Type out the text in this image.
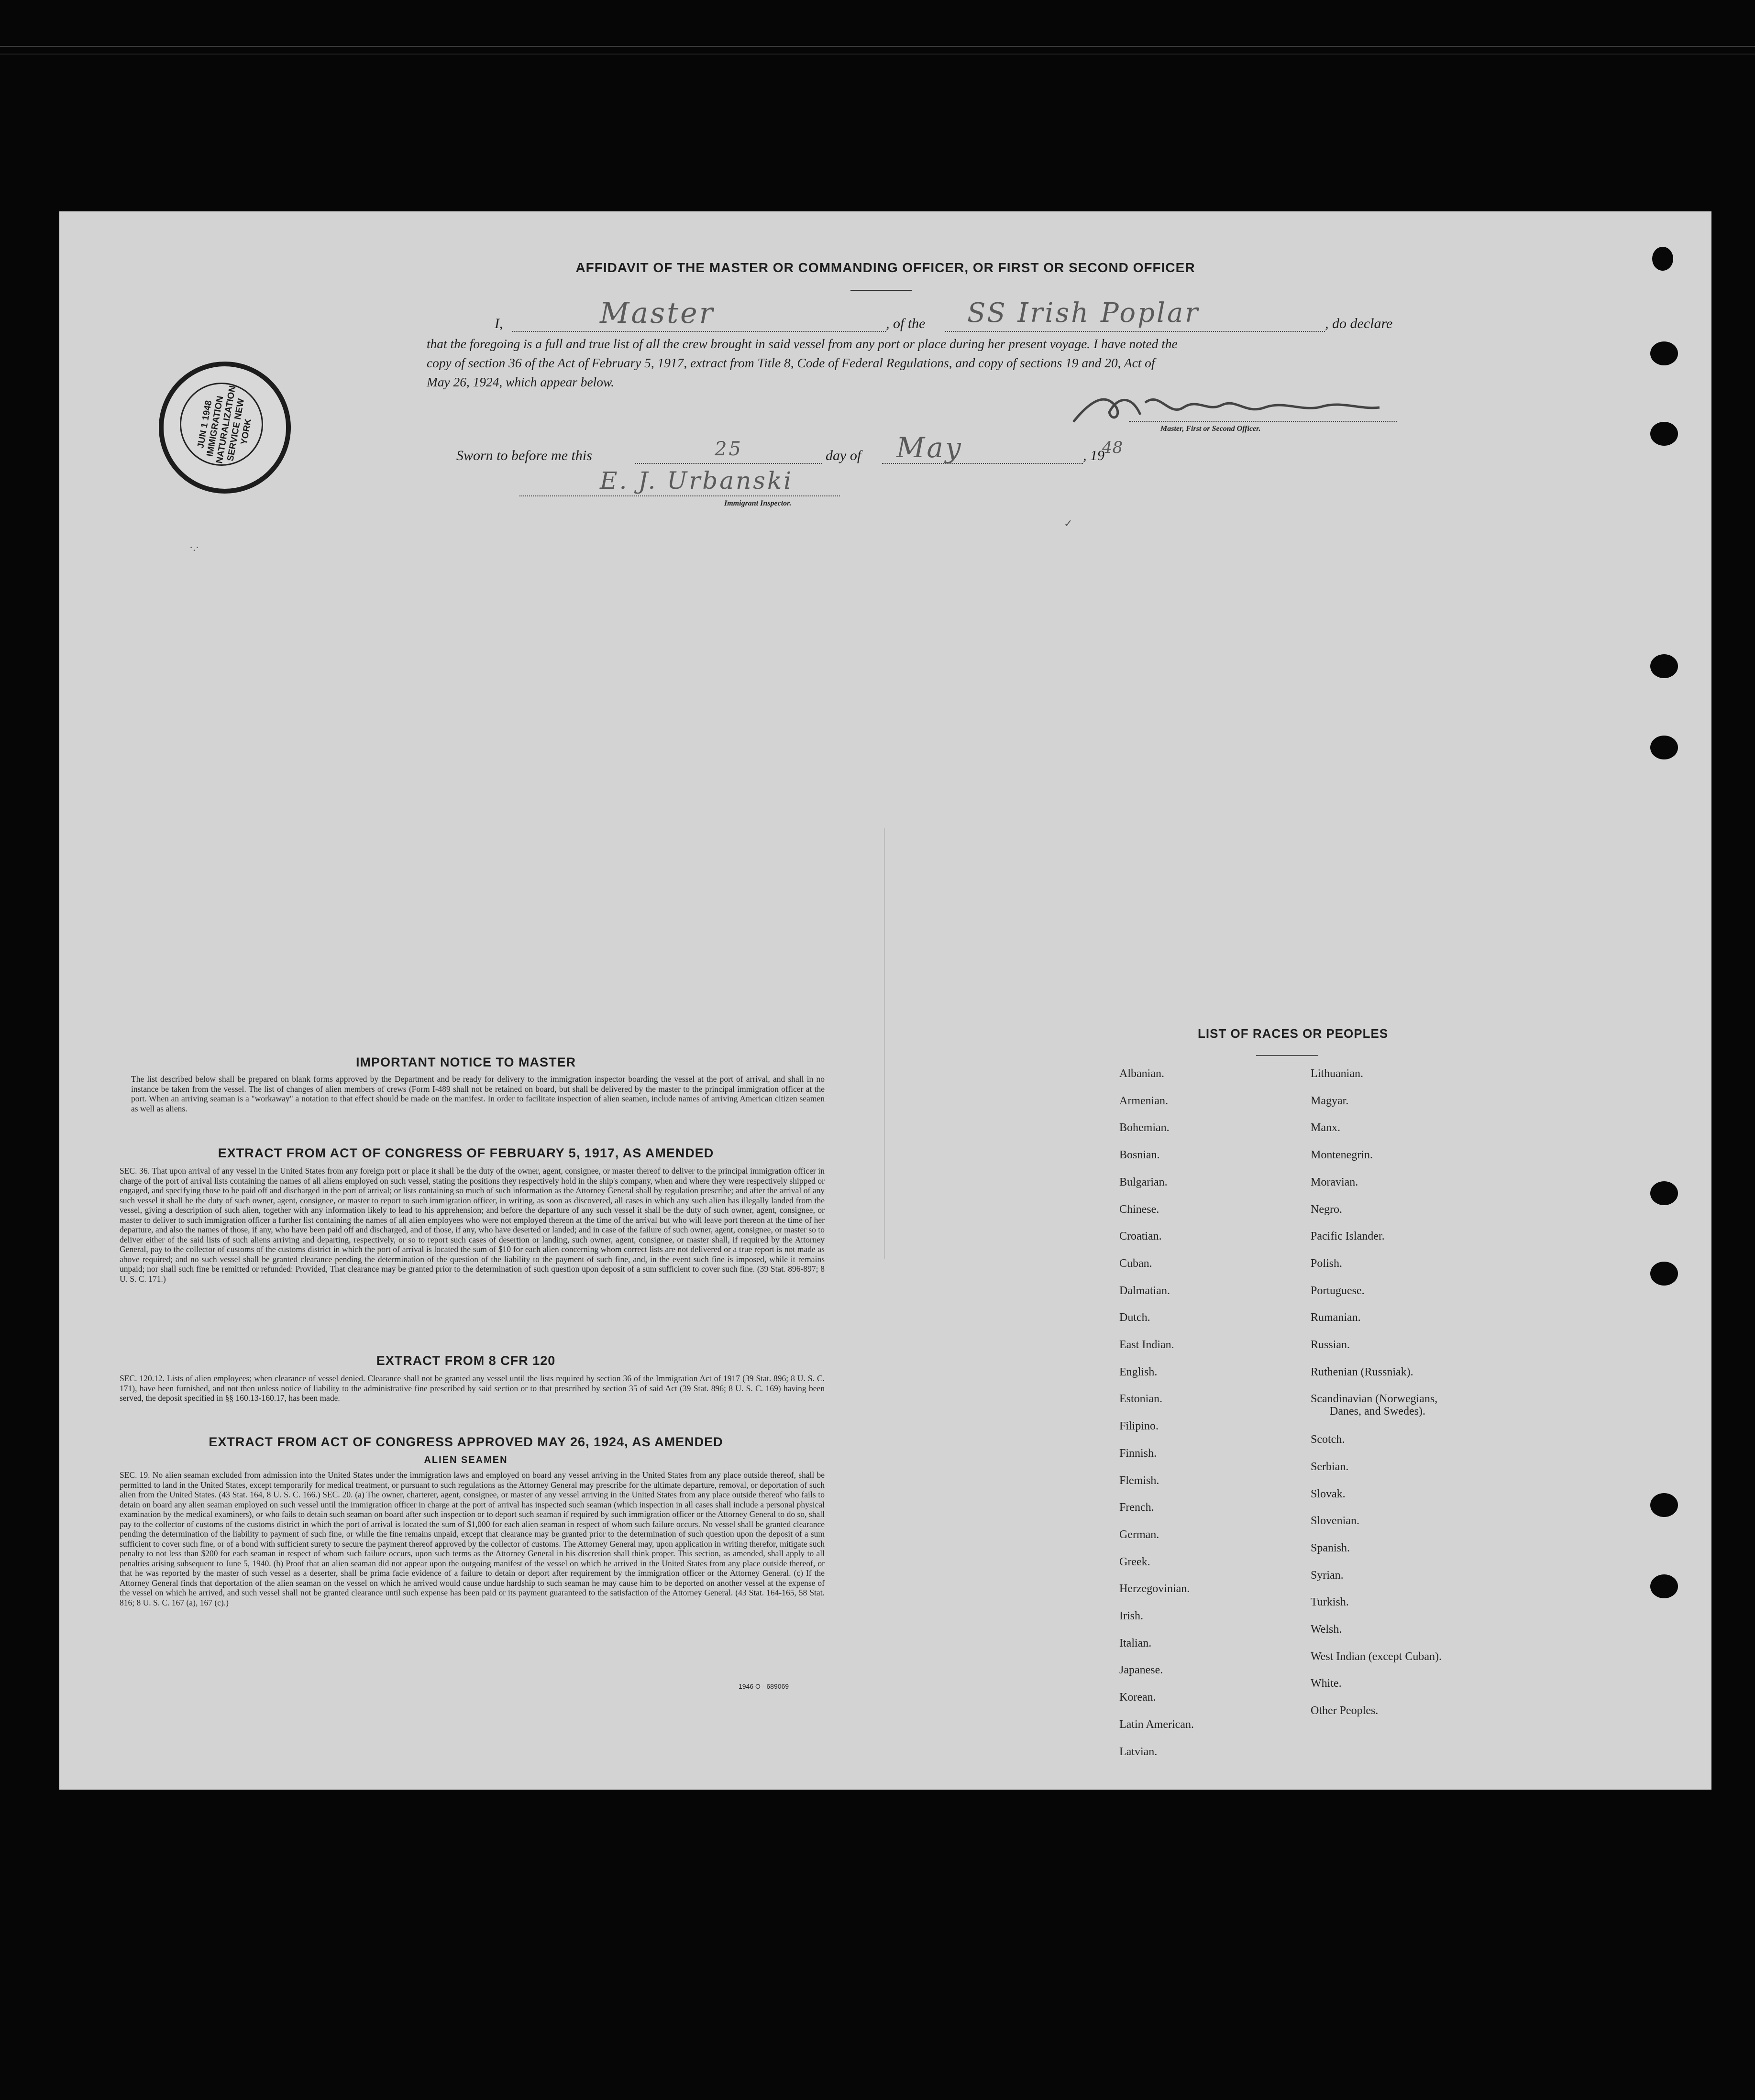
AFFIDAVIT OF THE MASTER OR COMMANDING OFFICER, OR FIRST OR SECOND OFFICER
I,	Master	, of the SS Irish Poplar	, do declare
that the foregoing is a full and true list of all the crew brought in said vessel from any port or place during her present voyage. I have noted the
copy of section 36 of the Act of February 5, 1917, extract from Title 8, Code of Federal Regulations, and copy of sections 19 and 20, Act of
May 26, 1924, which appear below.
Master, First or Second Officer.
Sworn to before me this	25	day of May	, 19
48
E. J. Urbanski
Immigrant Inspector.
JUN 1 1948 IMMIGRATION NATURALIZATION SERVICE NEW YORK
IMPORTANT NOTICE TO MASTER
The list described below shall be prepared on blank forms approved by the Department and be ready for delivery to the immigration inspector boarding the vessel at the port of arrival, and shall in no instance be taken from the vessel. The list of changes of alien members of crews (Form I-489 shall not be retained on board, but shall be delivered by the master to the principal immigration officer at the port. When an arriving seaman is a "workaway" a notation to that effect should be made on the manifest. In order to facilitate inspection of alien seamen, include names of arriving American citizen seamen as well as aliens.
EXTRACT FROM ACT OF CONGRESS OF FEBRUARY 5, 1917, AS AMENDED
SEC. 36. That upon arrival of any vessel in the United States from any foreign port or place it shall be the duty of the owner, agent, consignee, or master thereof to deliver to the principal immigration officer in charge of the port of arrival lists containing the names of all aliens employed on such vessel, stating the positions they respectively hold in the ship's company, when and where they were respectively shipped or engaged, and specifying those to be paid off and discharged in the port of arrival; or lists containing so much of such information as the Attorney General shall by regulation prescribe; and after the arrival of any such vessel it shall be the duty of such owner, agent, consignee, or master to report to such immigration officer, in writing, as soon as discovered, all cases in which any such alien has illegally landed from the vessel, giving a description of such alien, together with any information likely to lead to his apprehension; and before the departure of any such vessel it shall be the duty of such owner, agent, consignee, or master to deliver to such immigration officer a further list containing the names of all alien employees who were not employed thereon at the time of the arrival but who will leave port thereon at the time of her departure, and also the names of those, if any, who have been paid off and discharged, and of those, if any, who have deserted or landed; and in case of the failure of such owner, agent, consignee, or master so to deliver either of the said lists of such aliens arriving and departing, respectively, or so to report such cases of desertion or landing, such owner, agent, consignee, or master shall, if required by the Attorney General, pay to the collector of customs of the customs district in which the port of arrival is located the sum of $10 for each alien concerning whom correct lists are not delivered or a true report is not made as above required; and no such vessel shall be granted clearance pending the determination of the question of the liability to the payment of such fine, and, in the event such fine is imposed, while it remains unpaid; nor shall such fine be remitted or refunded: Provided, That clearance may be granted prior to the determination of such question upon deposit of a sum sufficient to cover such fine. (39 Stat. 896-897; 8 U. S. C. 171.)
EXTRACT FROM 8 CFR 120
SEC. 120.12. Lists of alien employees; when clearance of vessel denied. Clearance shall not be granted any vessel until the lists required by section 36 of the Immigration Act of 1917 (39 Stat. 896; 8 U. S. C. 171), have been furnished, and not then unless notice of liability to the administrative fine prescribed by said section or to that prescribed by section 35 of said Act (39 Stat. 896; 8 U. S. C. 169) having been served, the deposit specified in §§ 160.13-160.17, has been made.
EXTRACT FROM ACT OF CONGRESS APPROVED MAY 26, 1924, AS AMENDED
ALIEN SEAMEN
SEC. 19. No alien seaman excluded from admission into the United States under the immigration laws and employed on board any vessel arriving in the United States from any place outside thereof, shall be permitted to land in the United States, except temporarily for medical treatment, or pursuant to such regulations as the Attorney General may prescribe for the ultimate departure, removal, or deportation of such alien from the United States. (43 Stat. 164, 8 U. S. C. 166.) SEC. 20. (a) The owner, charterer, agent, consignee, or master of any vessel arriving in the United States from any place outside thereof who fails to detain on board any alien seaman employed on such vessel until the immigration officer in charge at the port of arrival has inspected such seaman (which inspection in all cases shall include a personal physical examination by the medical examiners), or who fails to detain such seaman on board after such inspection or to deport such seaman if required by such immigration officer or the Attorney General to do so, shall pay to the collector of customs of the customs district in which the port of arrival is located the sum of $1,000 for each alien seaman in respect of whom such failure occurs. No vessel shall be granted clearance pending the determination of the liability to payment of such fine, or while the fine remains unpaid, except that clearance may be granted prior to the determination of such question upon the deposit of a sum sufficient to cover such fine, or of a bond with sufficient surety to secure the payment thereof approved by the collector of customs. The Attorney General may, upon application in writing therefor, mitigate such penalty to not less than $200 for each seaman in respect of whom such failure occurs, upon such terms as the Attorney General in his discretion shall think proper. This section, as amended, shall apply to all penalties arising subsequent to June 5, 1940. (b) Proof that an alien seaman did not appear upon the outgoing manifest of the vessel on which he arrived in the United States from any place outside thereof, or that he was reported by the master of such vessel as a deserter, shall be prima facie evidence of a failure to detain or deport after requirement by the immigration officer or the Attorney General. (c) If the Attorney General finds that deportation of the alien seaman on the vessel on which he arrived would cause undue hardship to such seaman he may cause him to be deported on another vessel at the expense of the vessel on which he arrived, and such vessel shall not be granted clearance until such expense has been paid or its payment guaranteed to the satisfaction of the Attorney General. (43 Stat. 164-165, 58 Stat. 816; 8 U. S. C. 167 (a), 167 (c).)
1946 O - 689069
LIST OF RACES OR PEOPLES
Albanian.
Armenian.
Bohemian.
Bosnian.
Bulgarian.
Chinese.
Croatian.
Cuban.
Dalmatian.
Dutch.
East Indian.
English.
Estonian.
Filipino.
Finnish.
Flemish.
French.
German.
Greek.
Herzegovinian.
Irish.
Italian.
Japanese.
Korean.
Latin American.
Latvian.
Lithuanian.
Magyar.
Manx.
Montenegrin.
Moravian.
Negro.
Pacific Islander.
Polish.
Portuguese.
Rumanian.
Russian.
Ruthenian (Russniak).
Scandinavian (Norwegians,
Scotch.
Serbian.
Slovak.
Slovenian.
Spanish.
Syrian.
Turkish.
Welsh.
West Indian (except Cuban).
White.
Other Peoples.
Danes, and Swedes).
✓
·.·
